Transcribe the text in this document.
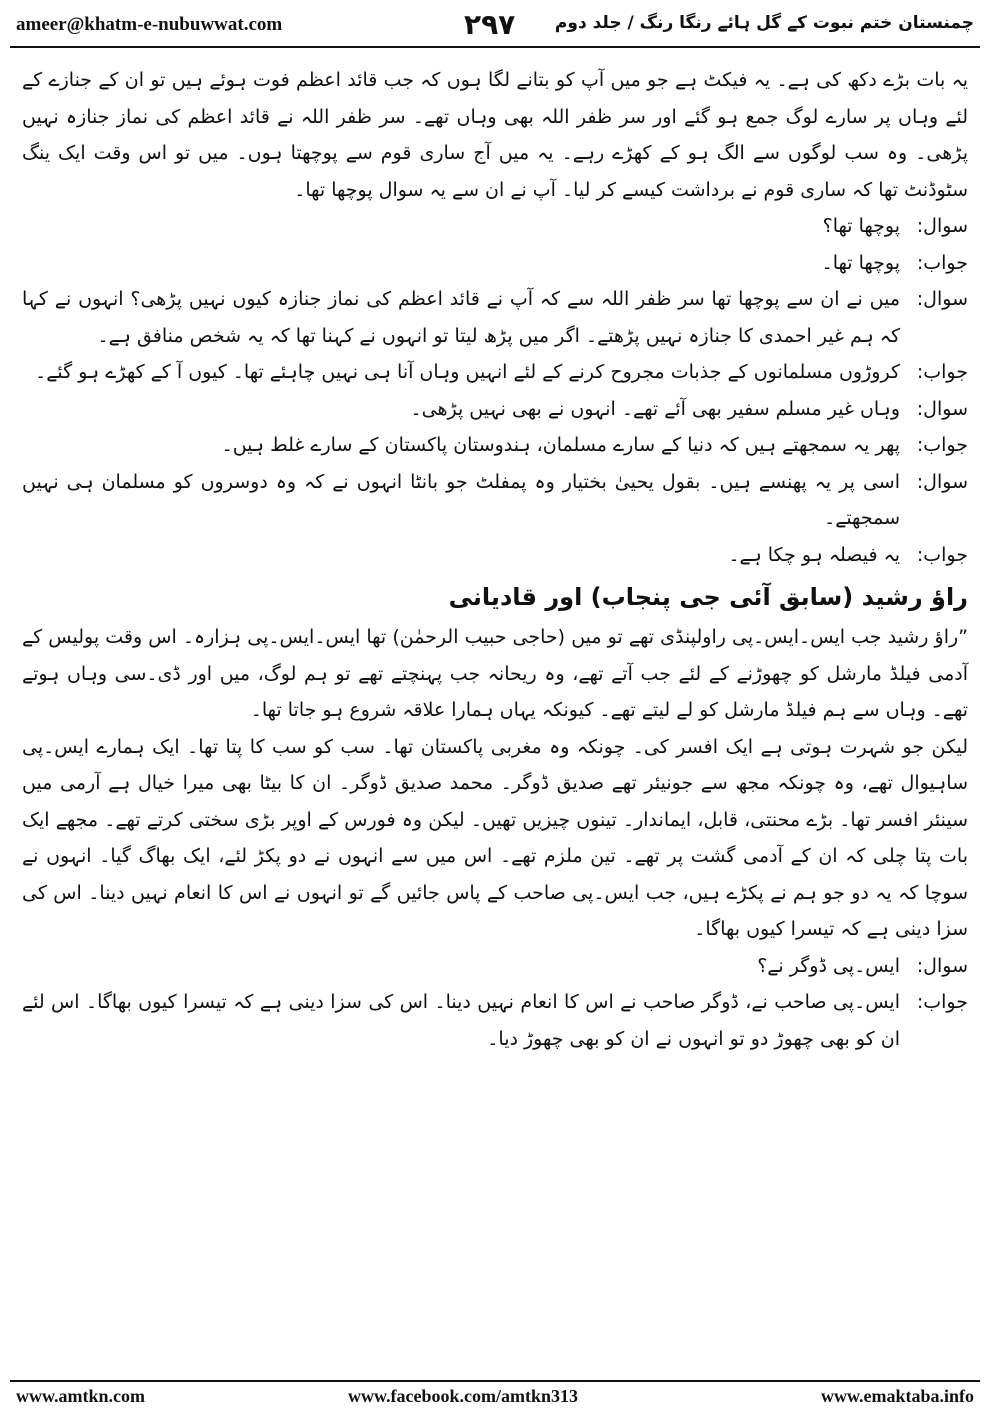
ameer@khatm-e-nubuwwat.com	۲۹۷ چمنستان ختم نبوت کے گل ہائے رنگا رنگ / جلد دوم

یہ بات بڑے دکھ کی ہے۔ یہ فیکٹ ہے جو میں آپ کو بتانے لگا ہوں کہ جب قائد اعظم فوت ہوئے ہیں تو ان کے جنازے کے لئے وہاں پر سارے لوگ جمع ہو گئے اور سر ظفر اللہ بھی وہاں تھے۔ سر ظفر اللہ نے قائد اعظم کی نماز جنازہ نہیں پڑھی۔ وہ سب لوگوں سے الگ ہو کے کھڑے رہے۔ یہ میں آج ساری قوم سے پوچھتا ہوں۔ میں تو اس وقت ایک ینگ سٹوڈنٹ تھا کہ ساری قوم نے برداشت کیسے کر لیا۔ آپ نے ان سے یہ سوال پوچھا تھا۔

سوال:
پوچھا تھا؟
جواب:
پوچھا تھا۔
سوال:
میں نے ان سے پوچھا تھا سر ظفر اللہ سے کہ آپ نے قائد اعظم کی نماز جنازہ کیوں نہیں پڑھی؟ انہوں نے کہا کہ ہم غیر احمدی کا جنازہ نہیں پڑھتے۔ اگر میں پڑھ لیتا تو انہوں نے کہنا تھا کہ یہ شخص منافق ہے۔
جواب:
کروڑوں مسلمانوں کے جذبات مجروح کرنے کے لئے انہیں وہاں آنا ہی نہیں چاہئے تھا۔ کیوں آ کے کھڑے ہو گئے۔
سوال:
وہاں غیر مسلم سفیر بھی آئے تھے۔ انہوں نے بھی نہیں پڑھی۔
جواب:
پھر یہ سمجھتے ہیں کہ دنیا کے سارے مسلمان، ہندوستان پاکستان کے سارے غلط ہیں۔
سوال:
اسی پر یہ پھنسے ہیں۔ بقول یحییٰ بختیار وہ پمفلٹ جو بانٹا انہوں نے کہ وہ دوسروں کو مسلمان ہی نہیں سمجھتے۔
جواب:
یہ فیصلہ ہو چکا ہے۔
راؤ رشید (سابق آئی جی پنجاب) اور قادیانی

”راؤ رشید جب ایس۔ایس۔پی راولپنڈی تھے تو میں (حاجی حبیب الرحمٰن) تھا ایس۔ایس۔پی ہزارہ۔ اس وقت پولیس کے آدمی فیلڈ مارشل کو چھوڑنے کے لئے جب آتے تھے، وہ ریحانہ جب پہنچتے تھے تو ہم لوگ، میں اور ڈی۔سی وہاں ہوتے تھے۔ وہاں سے ہم فیلڈ مارشل کو لے لیتے تھے۔ کیونکہ یہاں ہمارا علاقہ شروع ہو جاتا تھا۔

لیکن جو شہرت ہوتی ہے ایک افسر کی۔ چونکہ وہ مغربی پاکستان تھا۔ سب کو سب کا پتا تھا۔ ایک ہمارے ایس۔پی ساہیوال تھے، وہ چونکہ مجھ سے جونیئر تھے صدیق ڈوگر۔ محمد صدیق ڈوگر۔ ان کا بیٹا بھی میرا خیال ہے آرمی میں سینئر افسر تھا۔ بڑے محنتی، قابل، ایماندار۔ تینوں چیزیں تھیں۔ لیکن وہ فورس کے اوپر بڑی سختی کرتے تھے۔ مجھے ایک بات پتا چلی کہ ان کے آدمی گشت پر تھے۔ تین ملزم تھے۔ اس میں سے انہوں نے دو پکڑ لئے، ایک بھاگ گیا۔ انہوں نے سوچا کہ یہ دو جو ہم نے پکڑے ہیں، جب ایس۔پی صاحب کے پاس جائیں گے تو انہوں نے اس کا انعام نہیں دینا۔ اس کی سزا دینی ہے کہ تیسرا کیوں بھاگا۔

سوال:
ایس۔پی ڈوگر نے؟
جواب:
ایس۔پی صاحب نے، ڈوگر صاحب نے اس کا انعام نہیں دینا۔ اس کی سزا دینی ہے کہ تیسرا کیوں بھاگا۔ اس لئے ان کو بھی چھوڑ دو تو انہوں نے ان کو بھی چھوڑ دیا۔
www.amtkn.com	www.facebook.com/amtkn313	www.emaktaba.info
